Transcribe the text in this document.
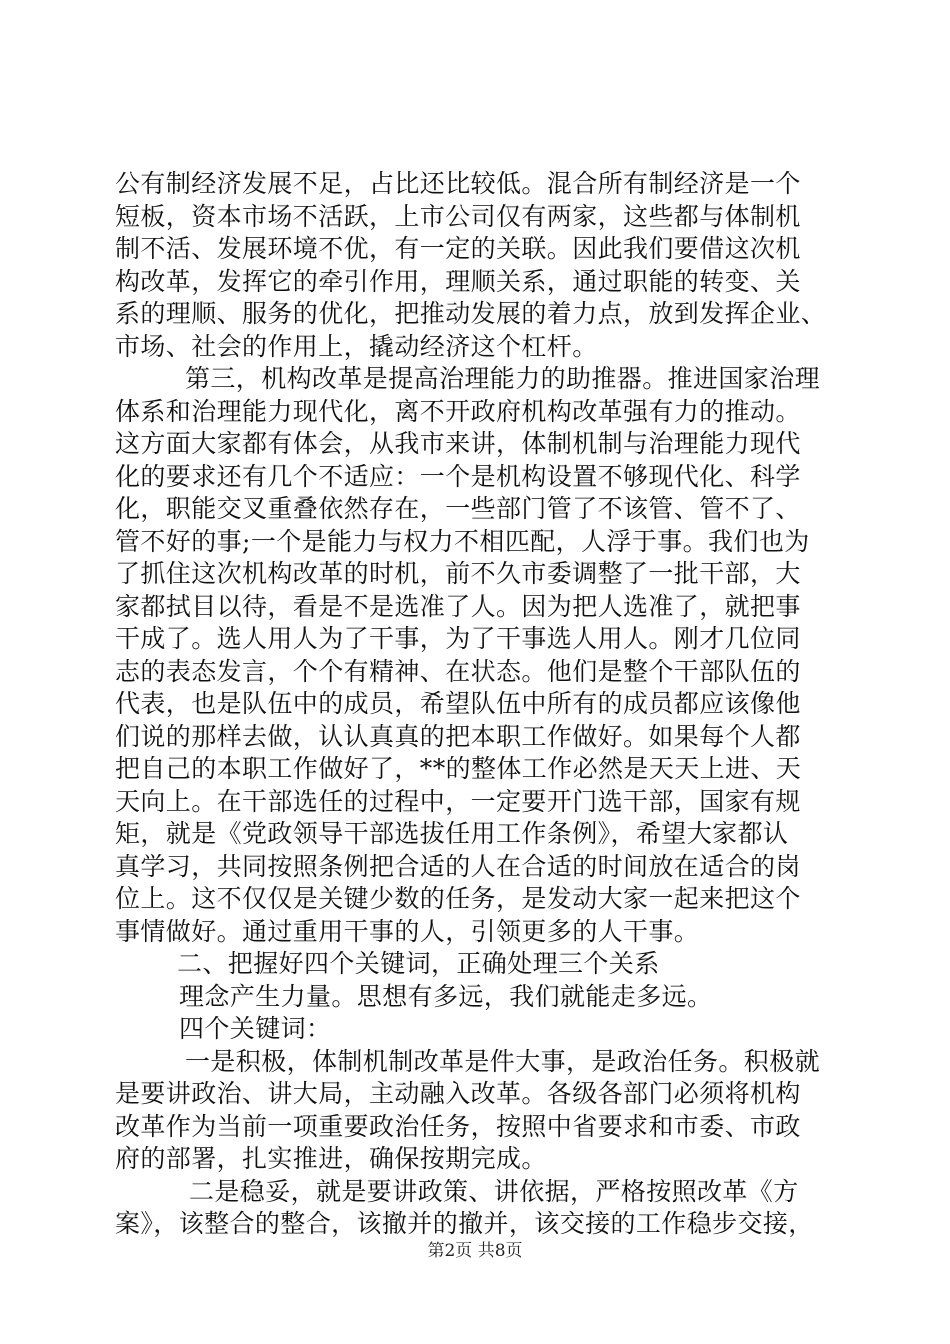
公有制经济发展不足，占比还比较低。混合所有制经济是一个
短板，资本市场不活跃，上市公司仅有两家，这些都与体制机
制不活、发展环境不优，有一定的关联。因此我们要借这次机
构改革，发挥它的牵引作用，理顺关系，通过职能的转变、关
系的理顺、服务的优化，把推动发展的着力点，放到发挥企业、
市场、社会的作用上，撬动经济这个杠杆。
第三，机构改革是提高治理能力的助推器。推进国家治理
体系和治理能力现代化，离不开政府机构改革强有力的推动。
这方面大家都有体会，从我市来讲，体制机制与治理能力现代
化的要求还有几个不适应：一个是机构设置不够现代化、科学
化，职能交叉重叠依然存在，一些部门管了不该管、管不了、
管不好的事;一个是能力与权力不相匹配，人浮于事。我们也为
了抓住这次机构改革的时机，前不久市委调整了一批干部，大
家都拭目以待，看是不是选准了人。因为把人选准了，就把事
干成了。选人用人为了干事，为了干事选人用人。刚才几位同
志的表态发言，个个有精神、在状态。他们是整个干部队伍的
代表，也是队伍中的成员，希望队伍中所有的成员都应该像他
们说的那样去做，认认真真的把本职工作做好。如果每个人都
把自己的本职工作做好了，**的整体工作必然是天天上进、天
天向上。在干部选任的过程中，一定要开门选干部，国家有规
矩，就是《党政领导干部选拔任用工作条例》，希望大家都认
真学习，共同按照条例把合适的人在合适的时间放在适合的岗
位上。这不仅仅是关键少数的任务，是发动大家一起来把这个
事情做好。通过重用干事的人，引领更多的人干事。
二、把握好四个关键词，正确处理三个关系
理念产生力量。思想有多远，我们就能走多远。
四个关键词：
一是积极，体制机制改革是件大事，是政治任务。积极就
是要讲政治、讲大局，主动融入改革。各级各部门必须将机构
改革作为当前一项重要政治任务，按照中省要求和市委、市政
府的部署，扎实推进，确保按期完成。
二是稳妥，就是要讲政策、讲依据，严格按照改革《方
案》，该整合的整合，该撤并的撤并，该交接的工作稳步交接，
第2页 共8页
